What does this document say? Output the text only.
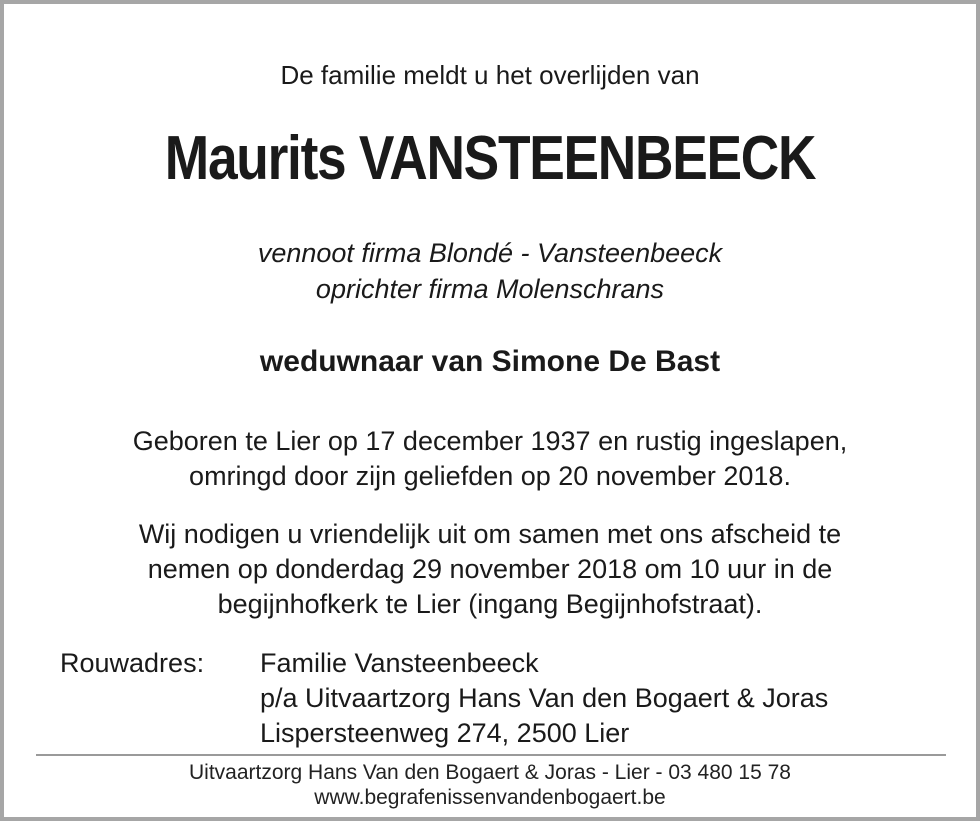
De familie meldt u het overlijden van
Maurits VANSTEENBEECK
vennoot firma Blondé - Vansteenbeeck
oprichter firma Molenschrans
weduwnaar van Simone De Bast
Geboren te Lier op 17 december 1937 en rustig ingeslapen,
omringd door zijn geliefden op 20 november 2018.
Wij nodigen u vriendelijk uit om samen met ons afscheid te
nemen op donderdag 29 november 2018 om 10 uur in de
begijnhofkerk te Lier (ingang Begijnhofstraat).
Rouwadres: Familie Vansteenbeeck
p/a Uitvaartzorg Hans Van den Bogaert & Joras
Lispersteenweg 274, 2500 Lier
Uitvaartzorg Hans Van den Bogaert & Joras - Lier - 03 480 15 78
www.begrafenissenvandenbogaert.be
